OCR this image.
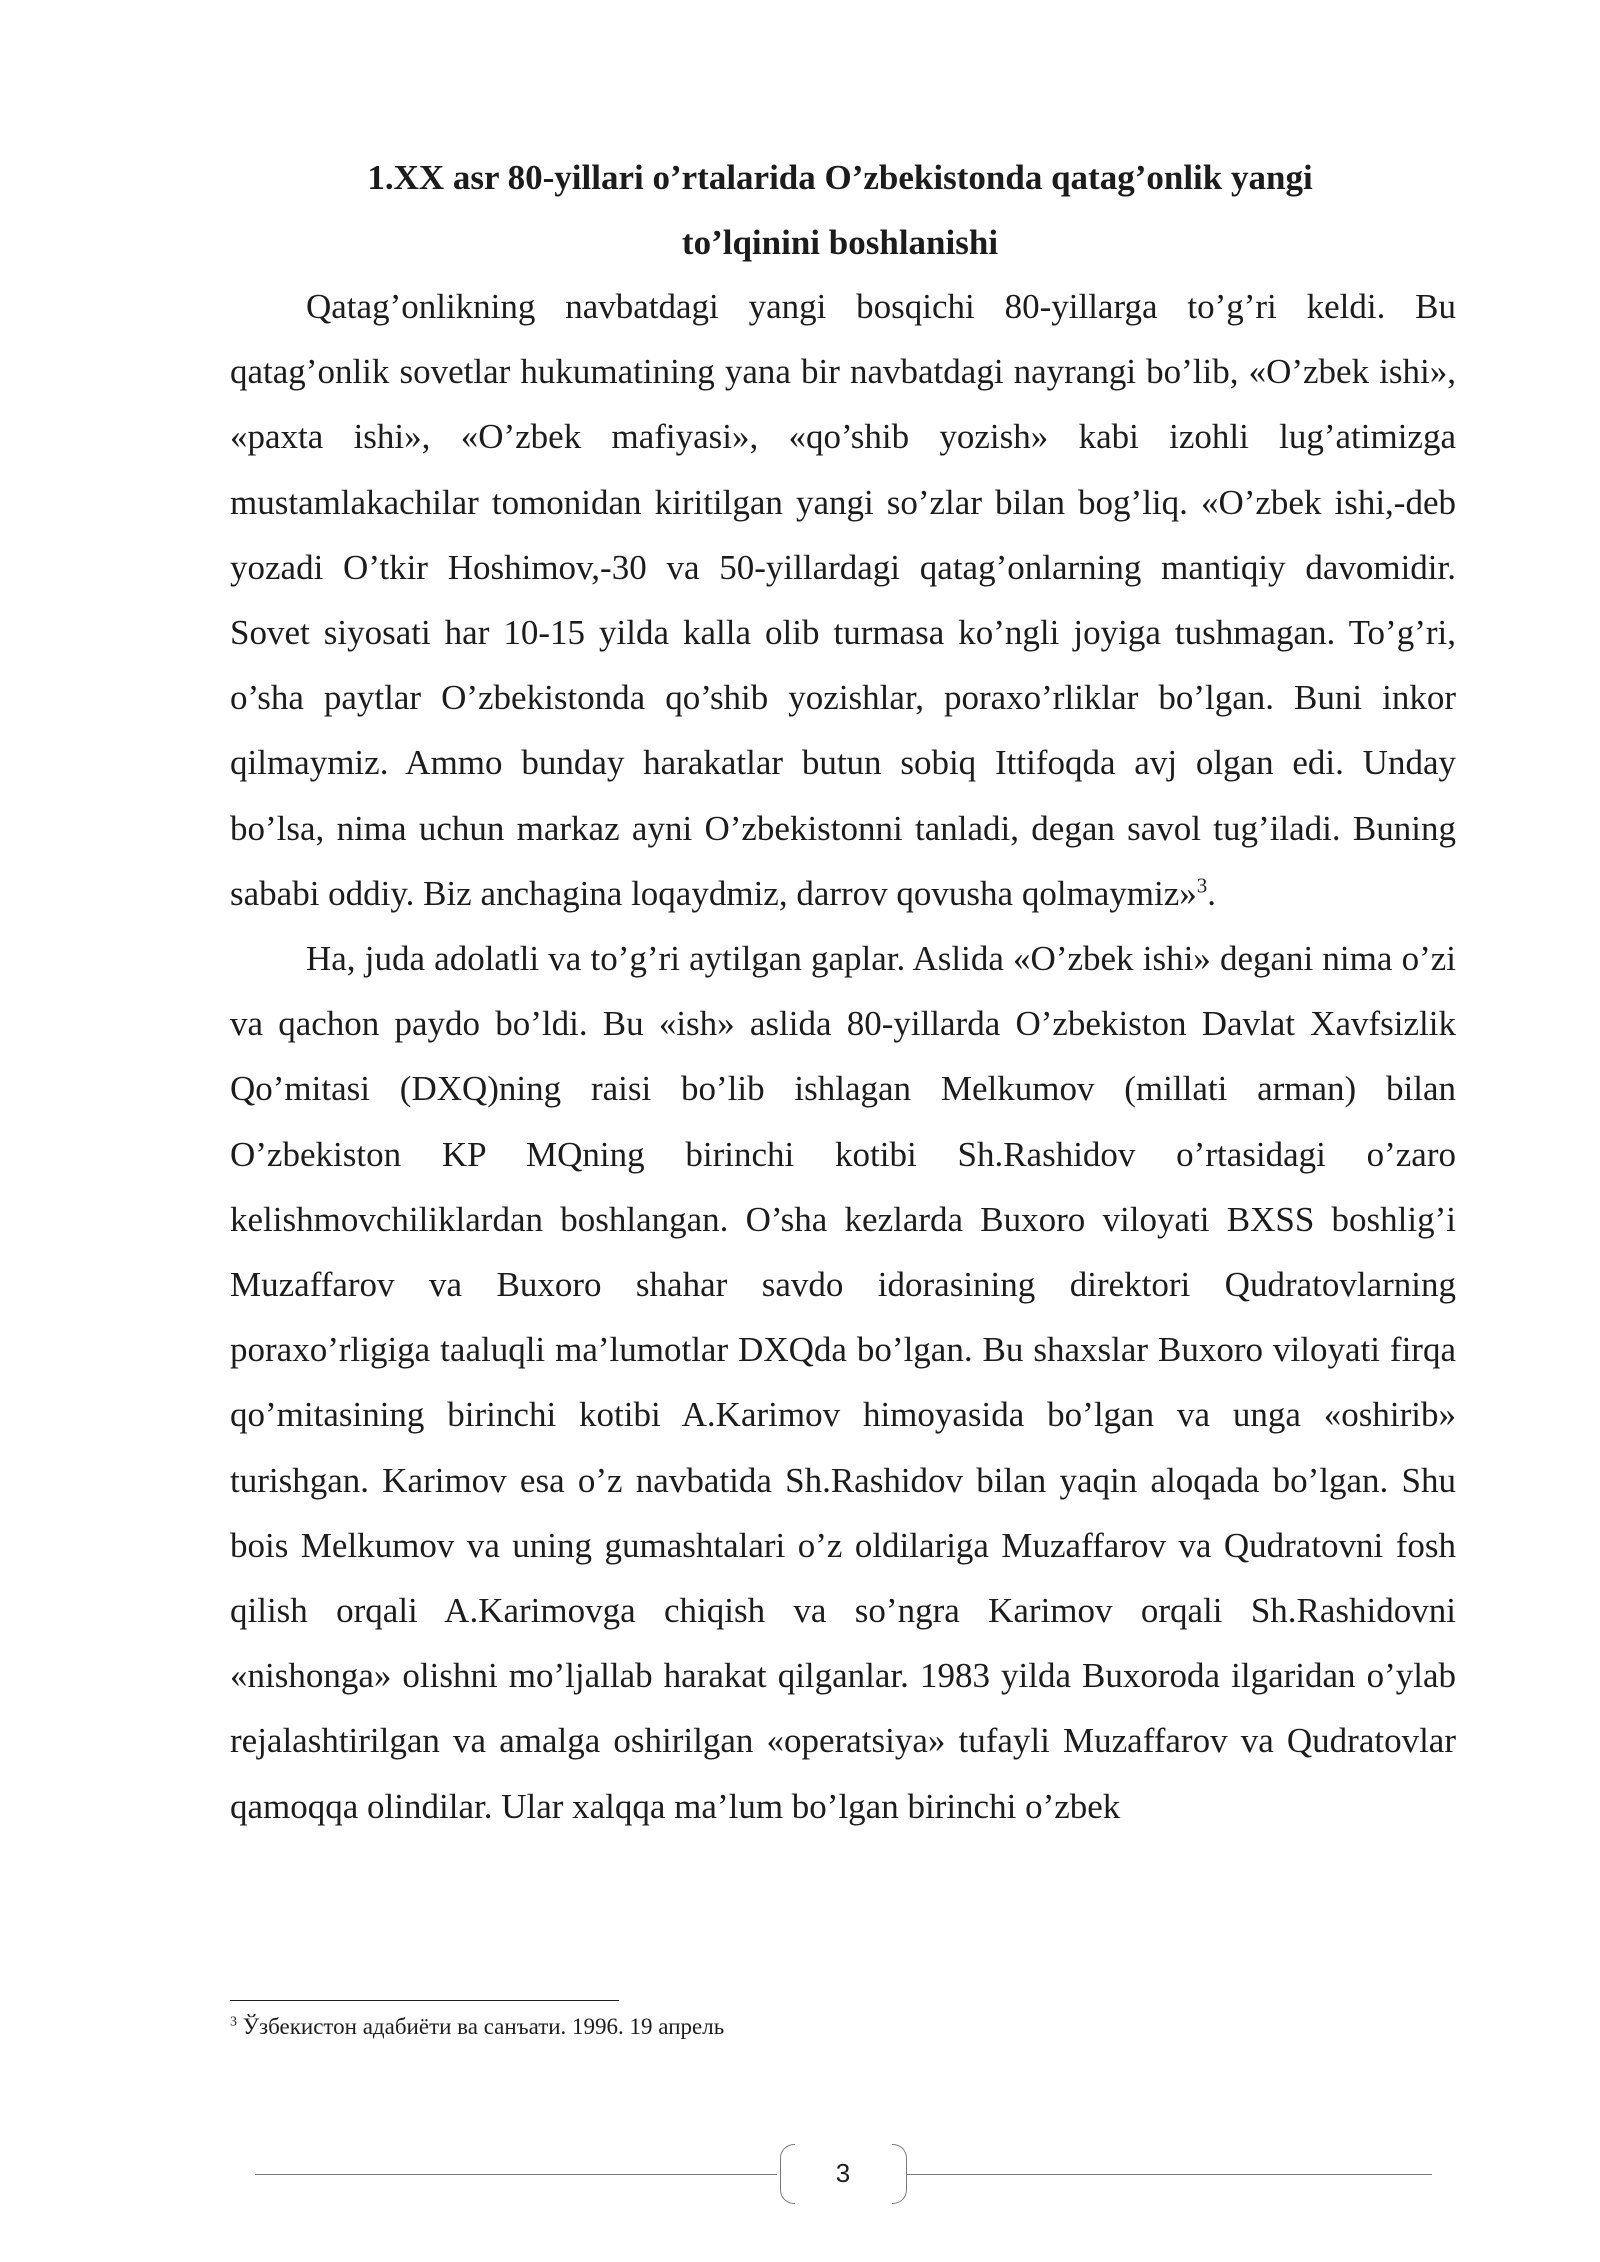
1.XX asr 80-yillari o’rtalarida O’zbekistonda qatag’onlik yangi
to’lqinini boshlanishi

Qatag’onlikning navbatdagi yangi bosqichi 80-yillarga to’g’ri keldi. Bu qatag’onlik sovetlar hukumatining yana bir navbatdagi nayrangi bo’lib, «O’zbek ishi», «paxta ishi», «O’zbek mafiyasi», «qo’shib yozish» kabi izohli lug’atimizga mustamlakachilar tomonidan kiritilgan yangi so’zlar bilan bog’liq. «O’zbek ishi,-deb yozadi O’tkir Hoshimov,-30 va 50-yillardagi qatag’onlarning mantiqiy davomidir. Sovet siyosati har 10-15 yilda kalla olib turmasa ko’ngli joyiga tushmagan. To’g’ri, o’sha paytlar O’zbekistonda qo’shib yozishlar, poraxo’rliklar bo’lgan. Buni inkor qilmaymiz. Ammo bunday harakatlar butun sobiq Ittifoqda avj olgan edi. Unday bo’lsa, nima uchun markaz ayni O’zbekistonni tanladi, degan savol tug’iladi. Buning sababi oddiy. Biz anchagina loqaydmiz, darrov qovusha qolmaymiz»$^3$.

Ha, juda adolatli va to’g’ri aytilgan gaplar. Aslida «O’zbek ishi» degani nima o’zi va qachon paydo bo’ldi. Bu «ish» aslida 80-yillarda O’zbekiston Davlat Xavfsizlik Qo’mitasi (DXQ)ning raisi bo’lib ishlagan Melkumov (millati arman) bilan O’zbekiston KP MQning birinchi kotibi Sh.Rashidov o’rtasidagi o’zaro kelishmovchiliklardan boshlangan. O’sha kezlarda Buxoro viloyati BXSS boshlig’i Muzaffarov va Buxoro shahar savdo idorasining direktori Qudratovlarning poraxo’rligiga taaluqli ma’lumotlar DXQda bo’lgan. Bu shaxslar Buxoro viloyati firqa qo’mitasining birinchi kotibi A.Karimov himoyasida bo’lgan va unga «oshirib» turishgan. Karimov esa o’z navbatida Sh.Rashidov bilan yaqin aloqada bo’lgan. Shu bois Melkumov va uning gumashtalari o’z oldilariga Muzaffarov va Qudratovni fosh qilish orqali A.Karimovga chiqish va so’ngra Karimov orqali Sh.Rashidovni «nishonga» olishni mo’ljallab harakat qilganlar. 1983 yilda Buxoroda ilgaridan o’ylab rejalashtirilgan va amalga oshirilgan «operatsiya» tufayli Muzaffarov va Qudratovlar qamoqqa olindilar. Ular xalqqa ma’lum bo’lgan birinchi o’zbek

$^3$ Ўзбекистон адабиёти ва санъати. 1996. 19 апрель

3
